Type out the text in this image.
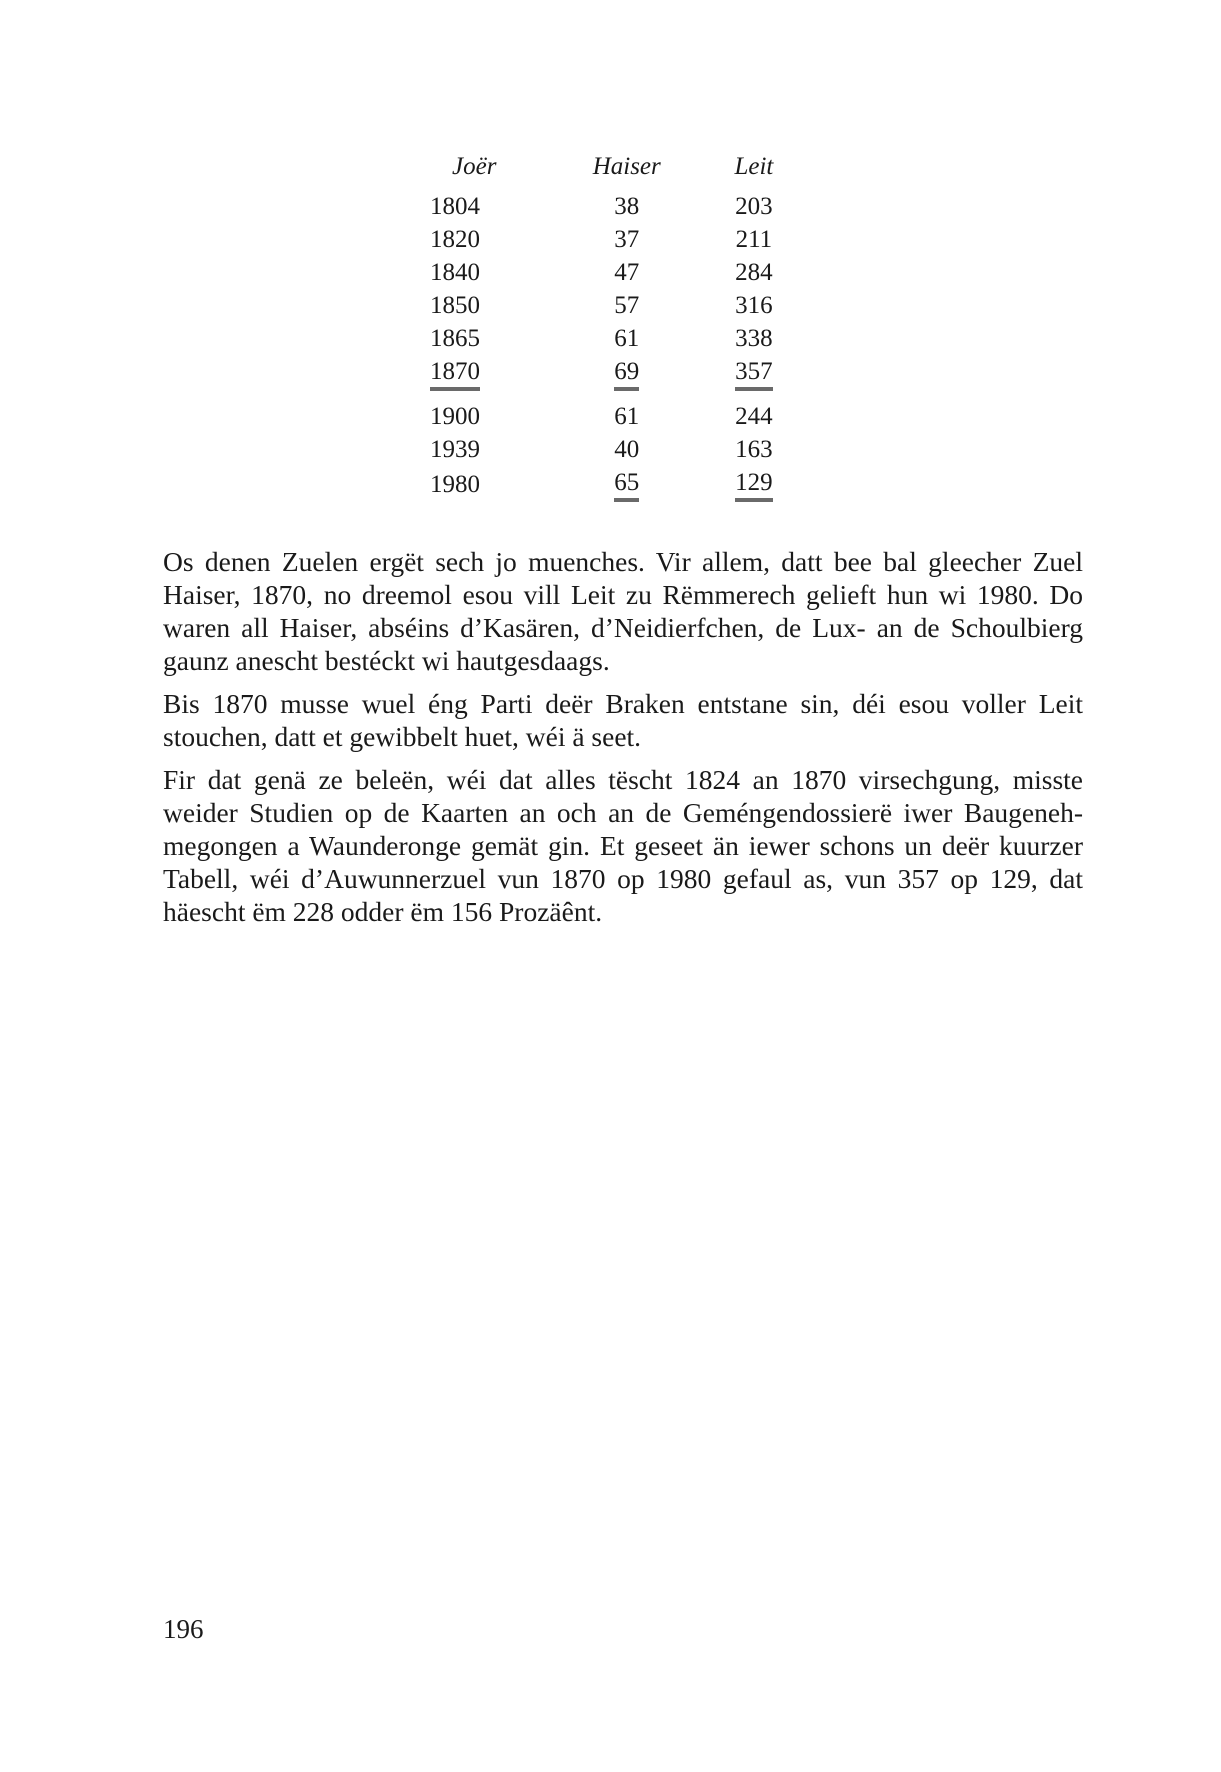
Joër	Haiser	Leit
1804	38	203
1820	37	211
1840	47	284
1850	57	316
1865	61	338
1870	69	357
1900	61	244
1939	40	163
1980	65	129

Os denen Zuelen ergët sech jo muenches. Vir allem, datt bee bal gleecher Zuel Haiser, 1870, no dreemol esou vill Leit zu Rëmmerech gelieft hun wi 1980. Do waren all Haiser, abséins d’Kasären, d’Neidierfchen, de Lux- an de Schoulbierg gaunz anescht bestéckt wi hautgesdaags.

Bis 1870 musse wuel éng Parti deër Braken entstane sin, déi esou voller Leit stouchen, datt et gewibbelt huet, wéi ä seet.

Fir dat genä ze beleën, wéi dat alles tëscht 1824 an 1870 virsechgung, misste weider Studien op de Kaarten an och an de Geméngendossierë iwer Baugenehmegongen a Waunderonge gemät gin. Et geseet än iewer schons un deër kuurzer Tabell, wéi d’Auwunnerzuel vun 1870 op 1980 gefaul as, vun 357 op 129, dat häescht ëm 228 odder ëm 156 Prozäênt.

196
